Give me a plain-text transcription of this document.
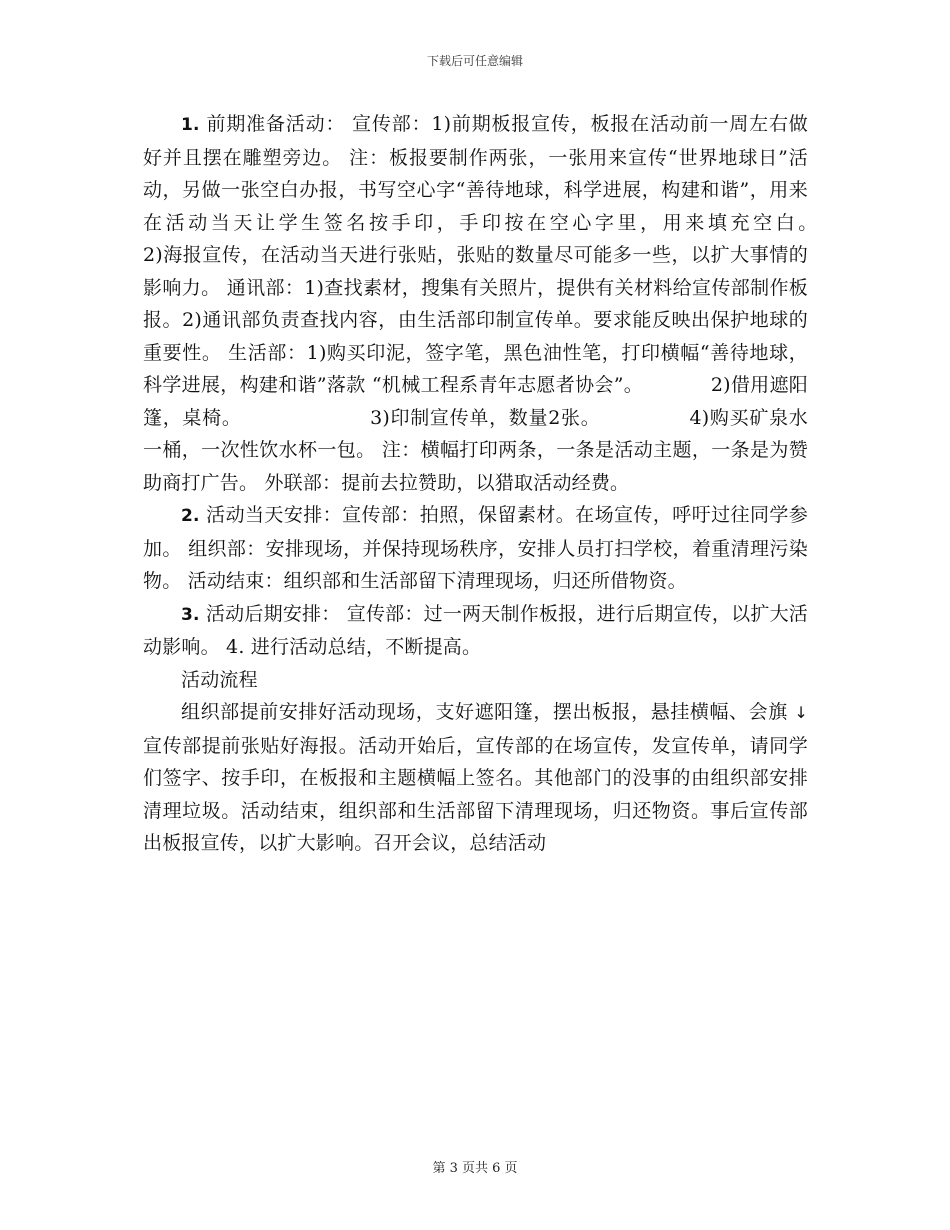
下载后可任意编辑

1. 前期准备活动： 宣传部：1)前期板报宣传，板报在活动前一周左右做好并且摆在雕塑旁边。 注：板报要制作两张，一张用来宣传“世界地球日”活动，另做一张空白办报，书写空心字“善待地球，科学进展，构建和谐”，用来在活动当天让学生签名按手印，手印按在空心字里，用来填充空白。　　　　　　2)海报宣传，在活动当天进行张贴，张贴的数量尽可能多一些，以扩大事情的影响力。 通讯部：1)查找素材，搜集有关照片，提供有关材料给宣传部制作板报。2)通讯部负责查找内容，由生活部印制宣传单。要求能反映出保护地球的重要性。 生活部：1)购买印泥，签字笔，黑色油性笔，打印横幅“善待地球，科学进展，构建和谐”落款 “机械工程系青年志愿者协会”。　　　　2)借用遮阳篷，桌椅。　　　　　　　3)印制宣传单，数量2张。　　　　　4)购买矿泉水一桶，一次性饮水杯一包。 注：横幅打印两条，一条是活动主题，一条是为赞助商打广告。 外联部：提前去拉赞助，以猎取活动经费。

2. 活动当天安排：宣传部：拍照，保留素材。在场宣传，呼吁过往同学参加。 组织部：安排现场，并保持现场秩序，安排人员打扫学校，着重清理污染物。 活动结束：组织部和生活部留下清理现场，归还所借物资。

3. 活动后期安排： 宣传部：过一两天制作板报，进行后期宣传，以扩大活动影响。 4. 进行活动总结，不断提高。

活动流程

组织部提前安排好活动现场，支好遮阳篷，摆出板报，悬挂横幅、会旗 ↓ 宣传部提前张贴好海报。活动开始后，宣传部的在场宣传，发宣传单，请同学们签字、按手印，在板报和主题横幅上签名。其他部门的没事的由组织部安排清理垃圾。活动结束，组织部和生活部留下清理现场，归还物资。事后宣传部出板报宣传，以扩大影响。召开会议，总结活动

第 3 页共 6 页
